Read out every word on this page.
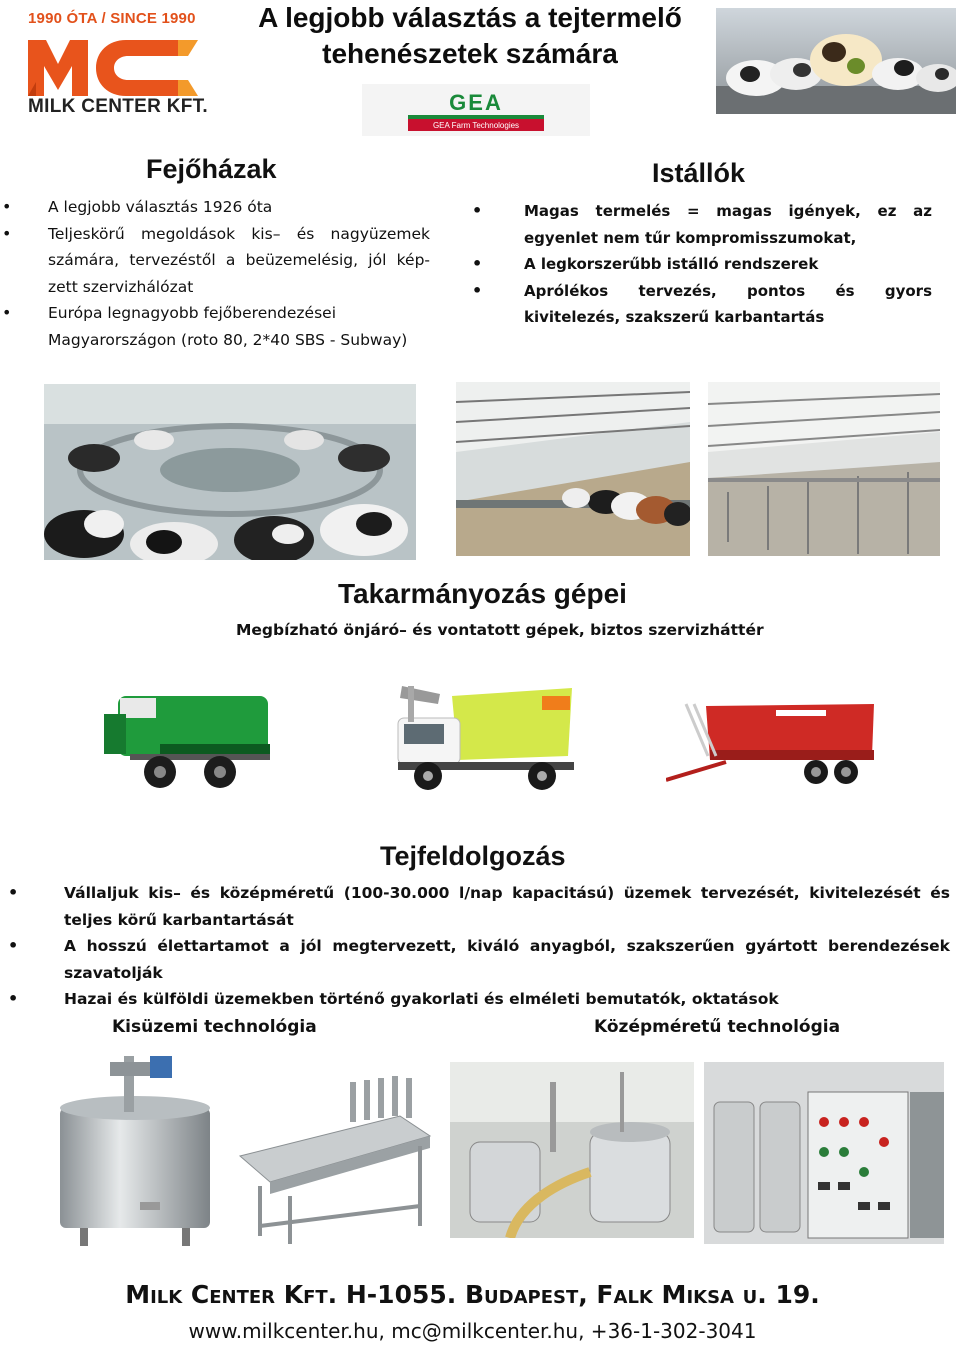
1990 ÓTA / SINCE 1990
MILK CENTER KFT.
A legjobb választás a tejtermelő
tehenészetek számára
GEA
GEA Farm Technologies
Fejőházak
• A legjobb választás 1926 óta
• Teljeskörű megoldások kis– és nagyüzemek számára, tervezéstől a beüzemelésig, jól kép-zett szervizhálózat
• Európa legnagyobb fejőberendezései Magyarországon (roto 80, 2*40 SBS - Subway)
Istállók
• Magas termelés = magas igények, ez az egyenlet nem tűr kompromisszumokat,
• A legkorszerűbb istálló rendszerek
• Aprólékos tervezés, pontos és gyors kivitelezés, szakszerű karbantartás
Takarmányozás gépei
Megbízható önjáró– és vontatott gépek, biztos szervizháttér
Tejfeldolgozás
• Vállaljuk kis– és középméretű (100-30.000 l/nap kapacitású) üzemek tervezését, kivitelezését és teljes körű karbantartását
• A hosszú élettartamot a jól megtervezett, kiváló anyagból, szakszerűen gyártott berendezések szavatolják
• Hazai és külföldi üzemekben történő gyakorlati és elméleti bemutatók, oktatások
Kisüzemi technológia	Középméretű technológia
Milk Center Kft. H-1055. Budapest, Falk Miksa u. 19.
www.milkcenter.hu, mc@milkcenter.hu, +36-1-302-3041
